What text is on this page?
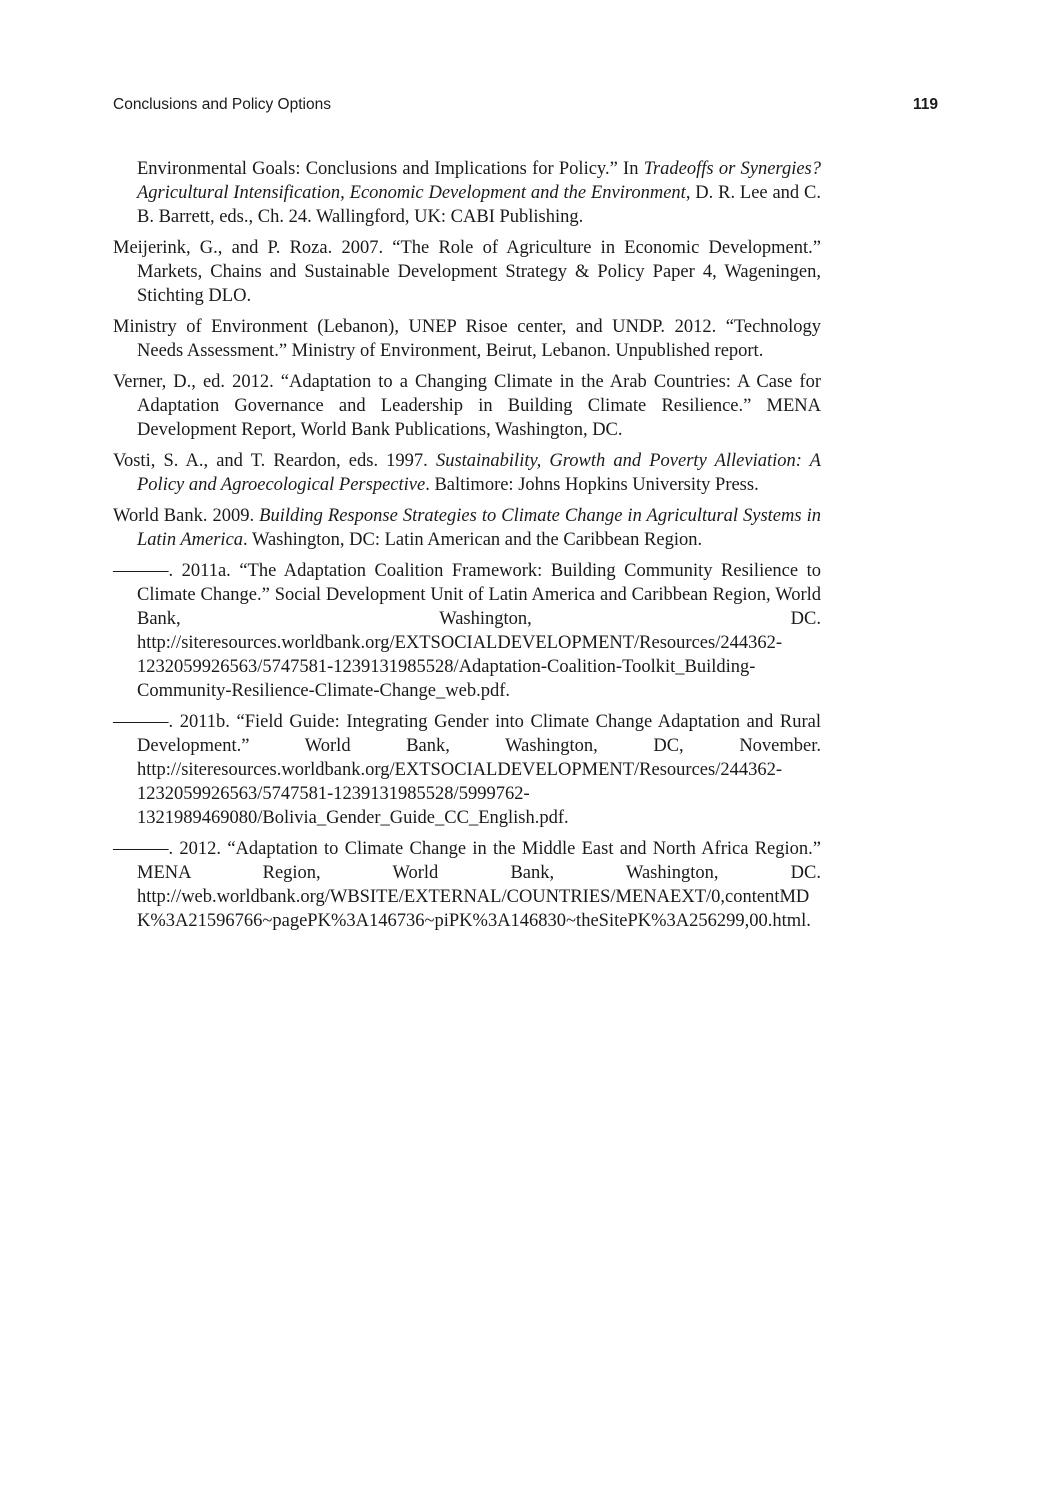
Conclusions and Policy Options	119

Environmental Goals: Conclusions and Implications for Policy.” In Tradeoffs or Synergies? Agricultural Intensification, Economic Development and the Environment, D. R. Lee and C. B. Barrett, eds., Ch. 24. Wallingford, UK: CABI Publishing.

Meijerink, G., and P. Roza. 2007. “The Role of Agriculture in Economic Development.” Markets, Chains and Sustainable Development Strategy & Policy Paper 4, Wageningen, Stichting DLO.

Ministry of Environment (Lebanon), UNEP Risoe center, and UNDP. 2012. “Technology Needs Assessment.” Ministry of Environment, Beirut, Lebanon. Unpublished report.

Verner, D., ed. 2012. “Adaptation to a Changing Climate in the Arab Countries: A Case for Adaptation Governance and Leadership in Building Climate Resilience.” MENA Development Report, World Bank Publications, Washington, DC.

Vosti, S. A., and T. Reardon, eds. 1997. Sustainability, Growth and Poverty Alleviation: A Policy and Agroecological Perspective. Baltimore: Johns Hopkins University Press.

World Bank. 2009. Building Response Strategies to Climate Change in Agricultural Systems in Latin America. Washington, DC: Latin American and the Caribbean Region.

———. 2011a. “The Adaptation Coalition Framework: Building Community Resilience to Climate Change.” Social Development Unit of Latin America and Caribbean Region, World Bank, Washington, DC. http://siteresources.worldbank.org/EXTSOCIALDEVELOPMENT/Resources/244362-1232059926563/5747581-1239131985528/Adaptation-Coalition-Toolkit_Building-Community-Resilience-Climate-Change_web.pdf.

———. 2011b. “Field Guide: Integrating Gender into Climate Change Adaptation and Rural Development.” World Bank, Washington, DC, November. http://siteresources.worldbank.org/EXTSOCIALDEVELOPMENT/Resources/244362-1232059926563/5747581-1239131985528/5999762-1321989469080/Bolivia_Gender_Guide_CC_English.pdf.

———. 2012. “Adaptation to Climate Change in the Middle East and North Africa Region.” MENA Region, World Bank, Washington, DC. http://web.worldbank.org/WBSITE/EXTERNAL/COUNTRIES/MENAEXT/0,contentMDK%3A21596766~pagePK%3A146736~piPK%3A146830~theSitePK%3A256299,00.html.
